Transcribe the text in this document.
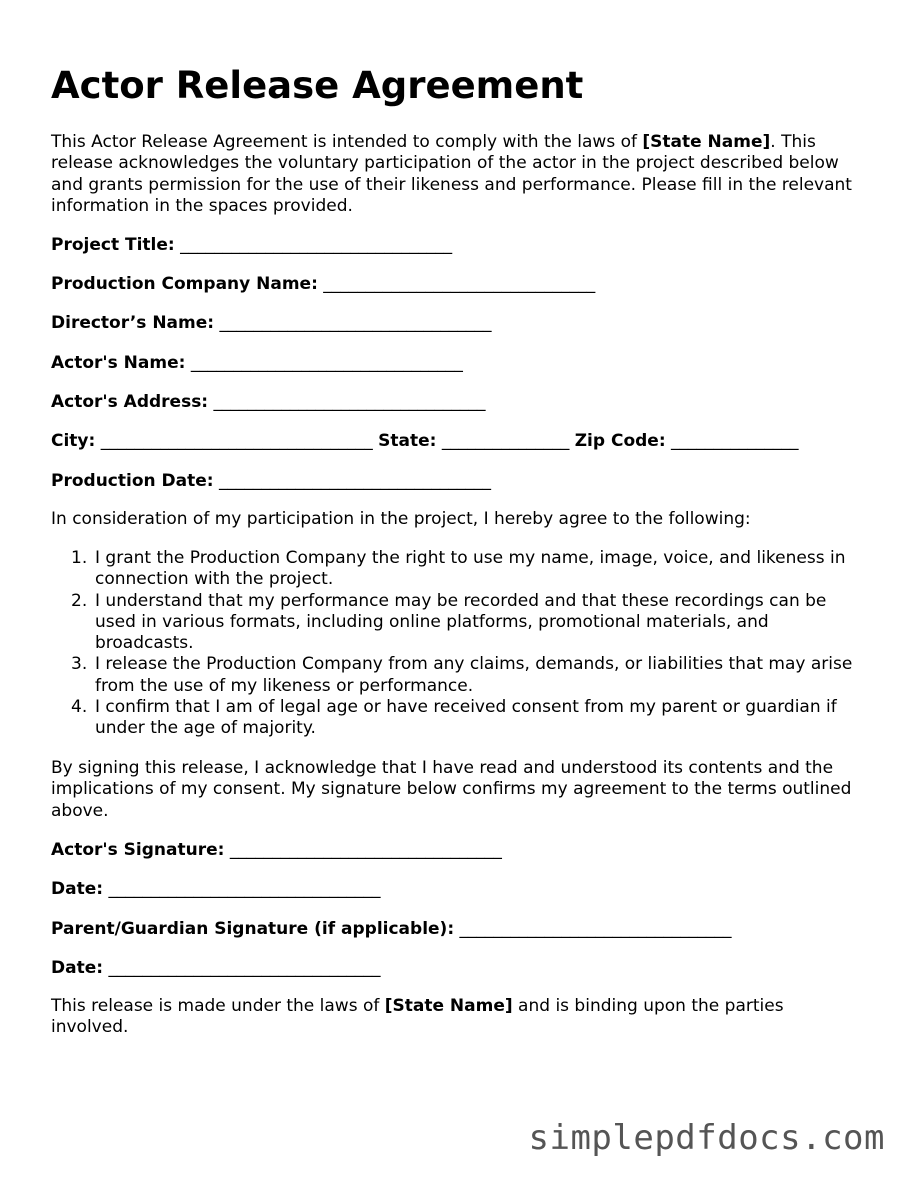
Actor Release Agreement

This Actor Release Agreement is intended to comply with the laws of [State Name]. This release acknowledges the voluntary participation of the actor in the project described below and grants permission for the use of their likeness and performance. Please fill in the relevant information in the spaces provided.

Project Title: ________________________________
Production Company Name: ________________________________
Director’s Name: ________________________________
Actor's Name: ________________________________
Actor's Address: ________________________________
City: ________________________________ State: _______________ Zip Code: _______________
Production Date: ________________________________

In consideration of my participation in the project, I hereby agree to the following:

1. I grant the Production Company the right to use my name, image, voice, and likeness in connection with the project.
2. I understand that my performance may be recorded and that these recordings can be used in various formats, including online platforms, promotional materials, and broadcasts.
3. I release the Production Company from any claims, demands, or liabilities that may arise from the use of my likeness or performance.
4. I confirm that I am of legal age or have received consent from my parent or guardian if under the age of majority.

By signing this release, I acknowledge that I have read and understood its contents and the implications of my consent. My signature below confirms my agreement to the terms outlined above.

Actor's Signature: ________________________________
Date: ________________________________
Parent/Guardian Signature (if applicable): ________________________________
Date: ________________________________

This release is made under the laws of [State Name] and is binding upon the parties involved.

simplepdfdocs.com
